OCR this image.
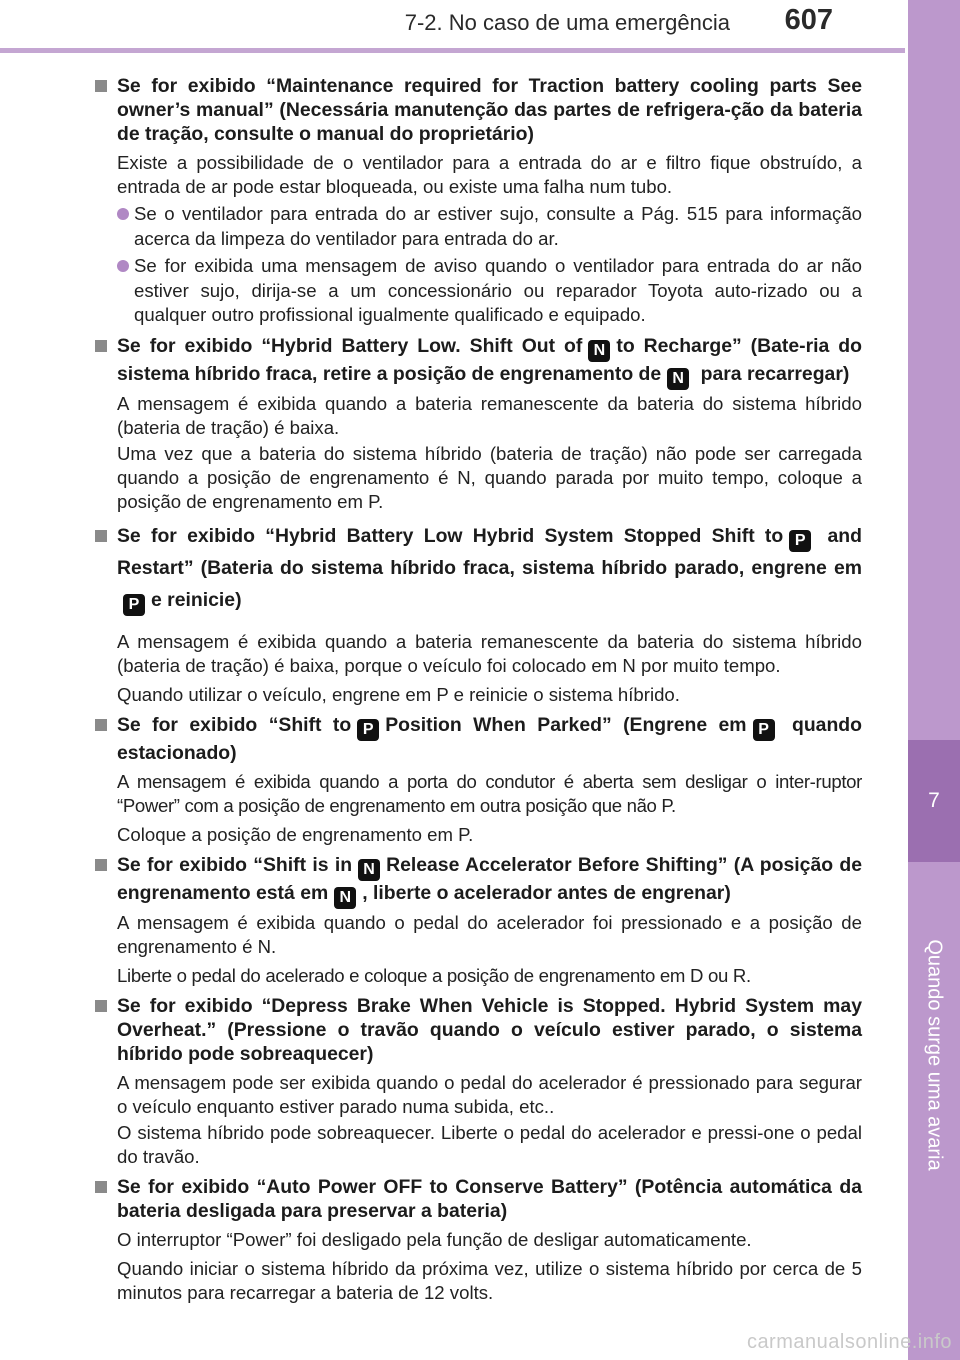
7-2. No caso de uma emergência 607
7
Quando surge uma avaria
Se for exibido “Maintenance required for Traction battery cooling parts See owner’s manual” (Necessária manutenção das partes de refrigera-ção da bateria de tração, consulte o manual do proprietário)

Existe a possibilidade de o ventilador para a entrada do ar e filtro fique obstruído, a entrada de ar pode estar bloqueada, ou existe uma falha num tubo.

Se o ventilador para entrada do ar estiver sujo, consulte a Pág. 515 para informação acerca da limpeza do ventilador para entrada do ar.
Se for exibida uma mensagem de aviso quando o ventilador para entrada do ar não estiver sujo, dirija-se a um concessionário ou reparador Toyota auto-rizado ou a qualquer outro profissional igualmente qualificado e equipado.
Se for exibido “Hybrid Battery Low. Shift Out of N to Recharge” (Bate-ria do sistema híbrido fraca, retire a posição de engrenamento de N para recarregar)

A mensagem é exibida quando a bateria remanescente da bateria do sistema híbrido (bateria de tração) é baixa.

Uma vez que a bateria do sistema híbrido (bateria de tração) não pode ser carregada quando a posição de engrenamento é N, quando parada por muito tempo, coloque a posição de engrenamento em P.

Se for exibido “Hybrid Battery Low Hybrid System Stopped Shift to P and Restart” (Bateria do sistema híbrido fraca, sistema híbrido parado, engrene emP e reinicie)

A mensagem é exibida quando a bateria remanescente da bateria do sistema híbrido (bateria de tração) é baixa, porque o veículo foi colocado em N por muito tempo.

Quando utilizar o veículo, engrene em P e reinicie o sistema híbrido.

Se for exibido “Shift to P Position When Parked” (Engrene em P quando estacionado)

A mensagem é exibida quando a porta do condutor é aberta sem desligar o inter-ruptor “Power” com a posição de engrenamento em outra posição que não P.

Coloque a posição de engrenamento em P.

Se for exibido “Shift is in N Release Accelerator Before Shifting” (A posição de engrenamento está em N , liberte o acelerador antes de engrenar)

A mensagem é exibida quando o pedal do acelerador foi pressionado e a posição de engrenamento é N.

Liberte o pedal do acelerado e coloque a posição de engrenamento em D ou R.

Se for exibido “Depress Brake When Vehicle is Stopped. Hybrid System may Overheat.” (Pressione o travão quando o veículo estiver parado, o sistema híbrido pode sobreaquecer)

A mensagem pode ser exibida quando o pedal do acelerador é pressionado para segurar o veículo enquanto estiver parado numa subida, etc..

O sistema híbrido pode sobreaquecer. Liberte o pedal do acelerador e pressi-one o pedal do travão.

Se for exibido “Auto Power OFF to Conserve Battery” (Potência automática da bateria desligada para preservar a bateria)

O interruptor “Power” foi desligado pela função de desligar automaticamente.

Quando iniciar o sistema híbrido da próxima vez, utilize o sistema híbrido por cerca de 5 minutos para recarregar a bateria de 12 volts.

carmanualsonline.info
